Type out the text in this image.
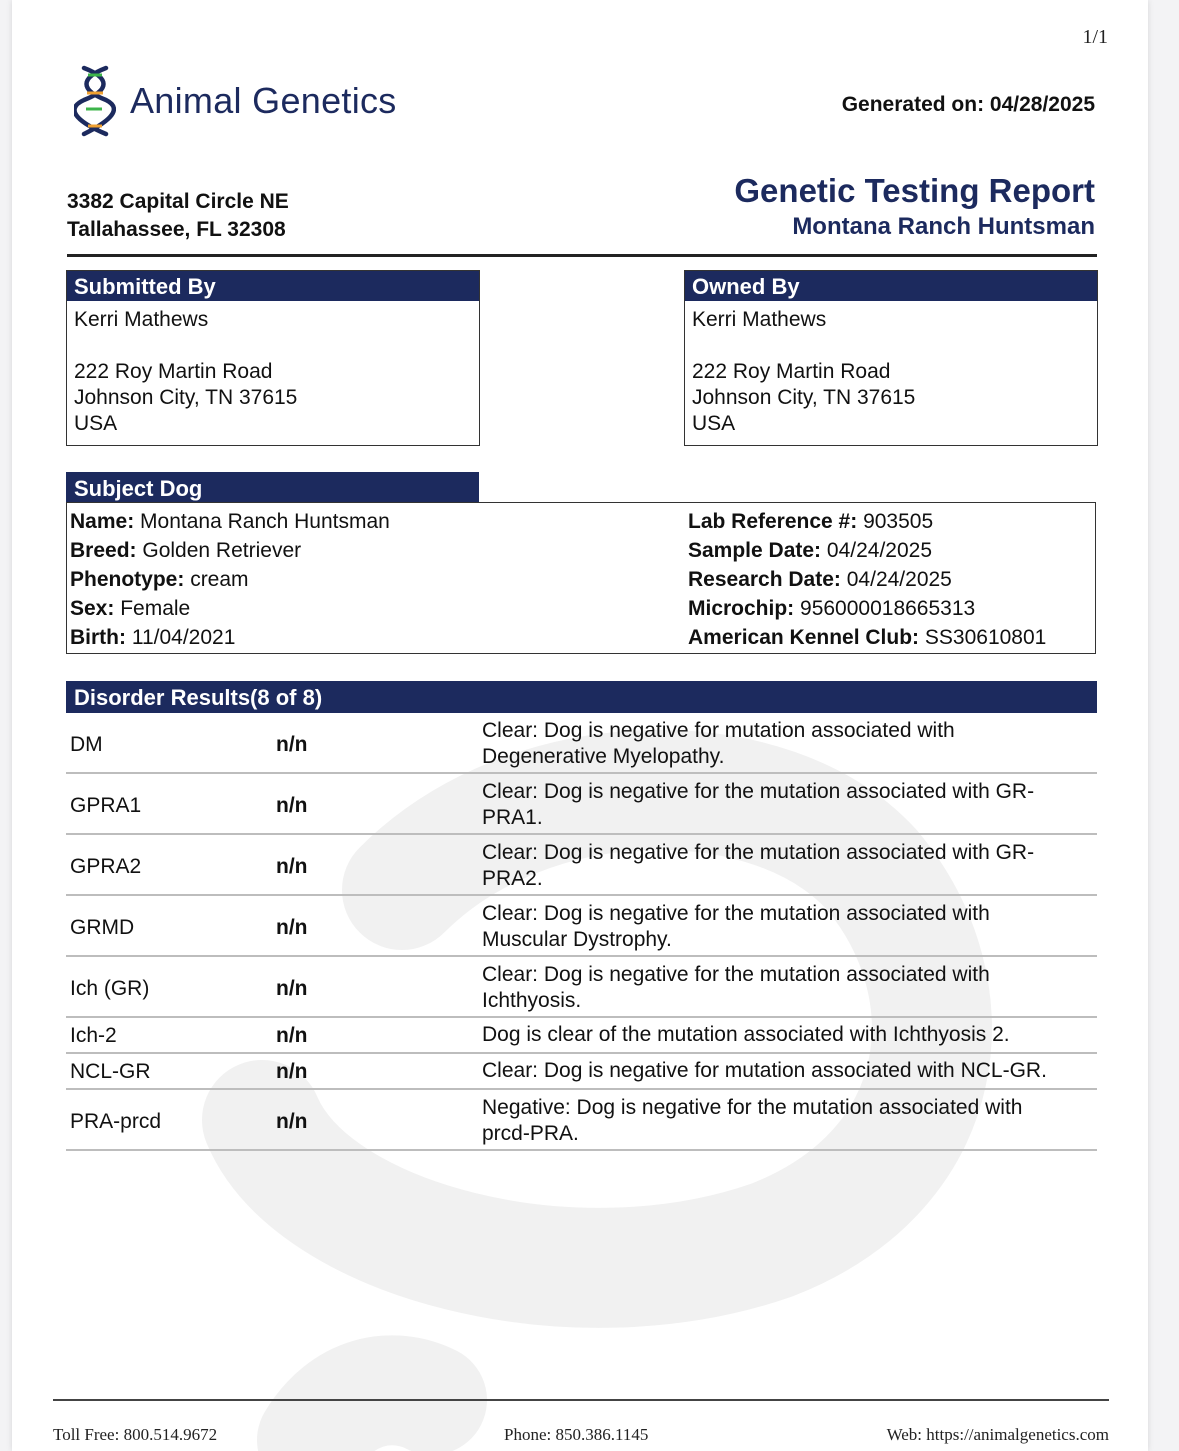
1/1
Animal Genetics	Generated on: 04/28/2025
3382 Capital Circle NE
Tallahassee, FL 32308
Genetic Testing Report
Montana Ranch Huntsman
Submitted By
Kerri Mathews
222 Roy Martin Road
Johnson City, TN 37615
USA
Owned By
Kerri Mathews
222 Roy Martin Road
Johnson City, TN 37615
USA
Subject Dog
Name: Montana Ranch Huntsman
Breed: Golden Retriever
Phenotype: cream
Sex: Female
Birth: 11/04/2021
Lab Reference #: 903505
Sample Date: 04/24/2025
Research Date: 04/24/2025
Microchip: 956000018665313
American Kennel Club: SS30610801
Disorder Results(8 of 8)
DM	n/n
Clear: Dog is negative for mutation associated with
Degenerative Myelopathy.
GPRA1	n/n
Clear: Dog is negative for the mutation associated with GR-
PRA1.
GPRA2	n/n
Clear: Dog is negative for the mutation associated with GR-
PRA2.
GRMD	n/n
Clear: Dog is negative for the mutation associated with
Muscular Dystrophy.
Ich (GR)	n/n
Clear: Dog is negative for the mutation associated with
Ichthyosis.
Ich-2	n/n	Dog is clear of the mutation associated with Ichthyosis 2.
NCL-GR	n/n	Clear: Dog is negative for mutation associated with NCL-GR.
PRA-prcd	n/n
Negative: Dog is negative for the mutation associated with
prcd-PRA.
Toll Free: 800.514.9672	Phone: 850.386.1145	Web: https://animalgenetics.com
